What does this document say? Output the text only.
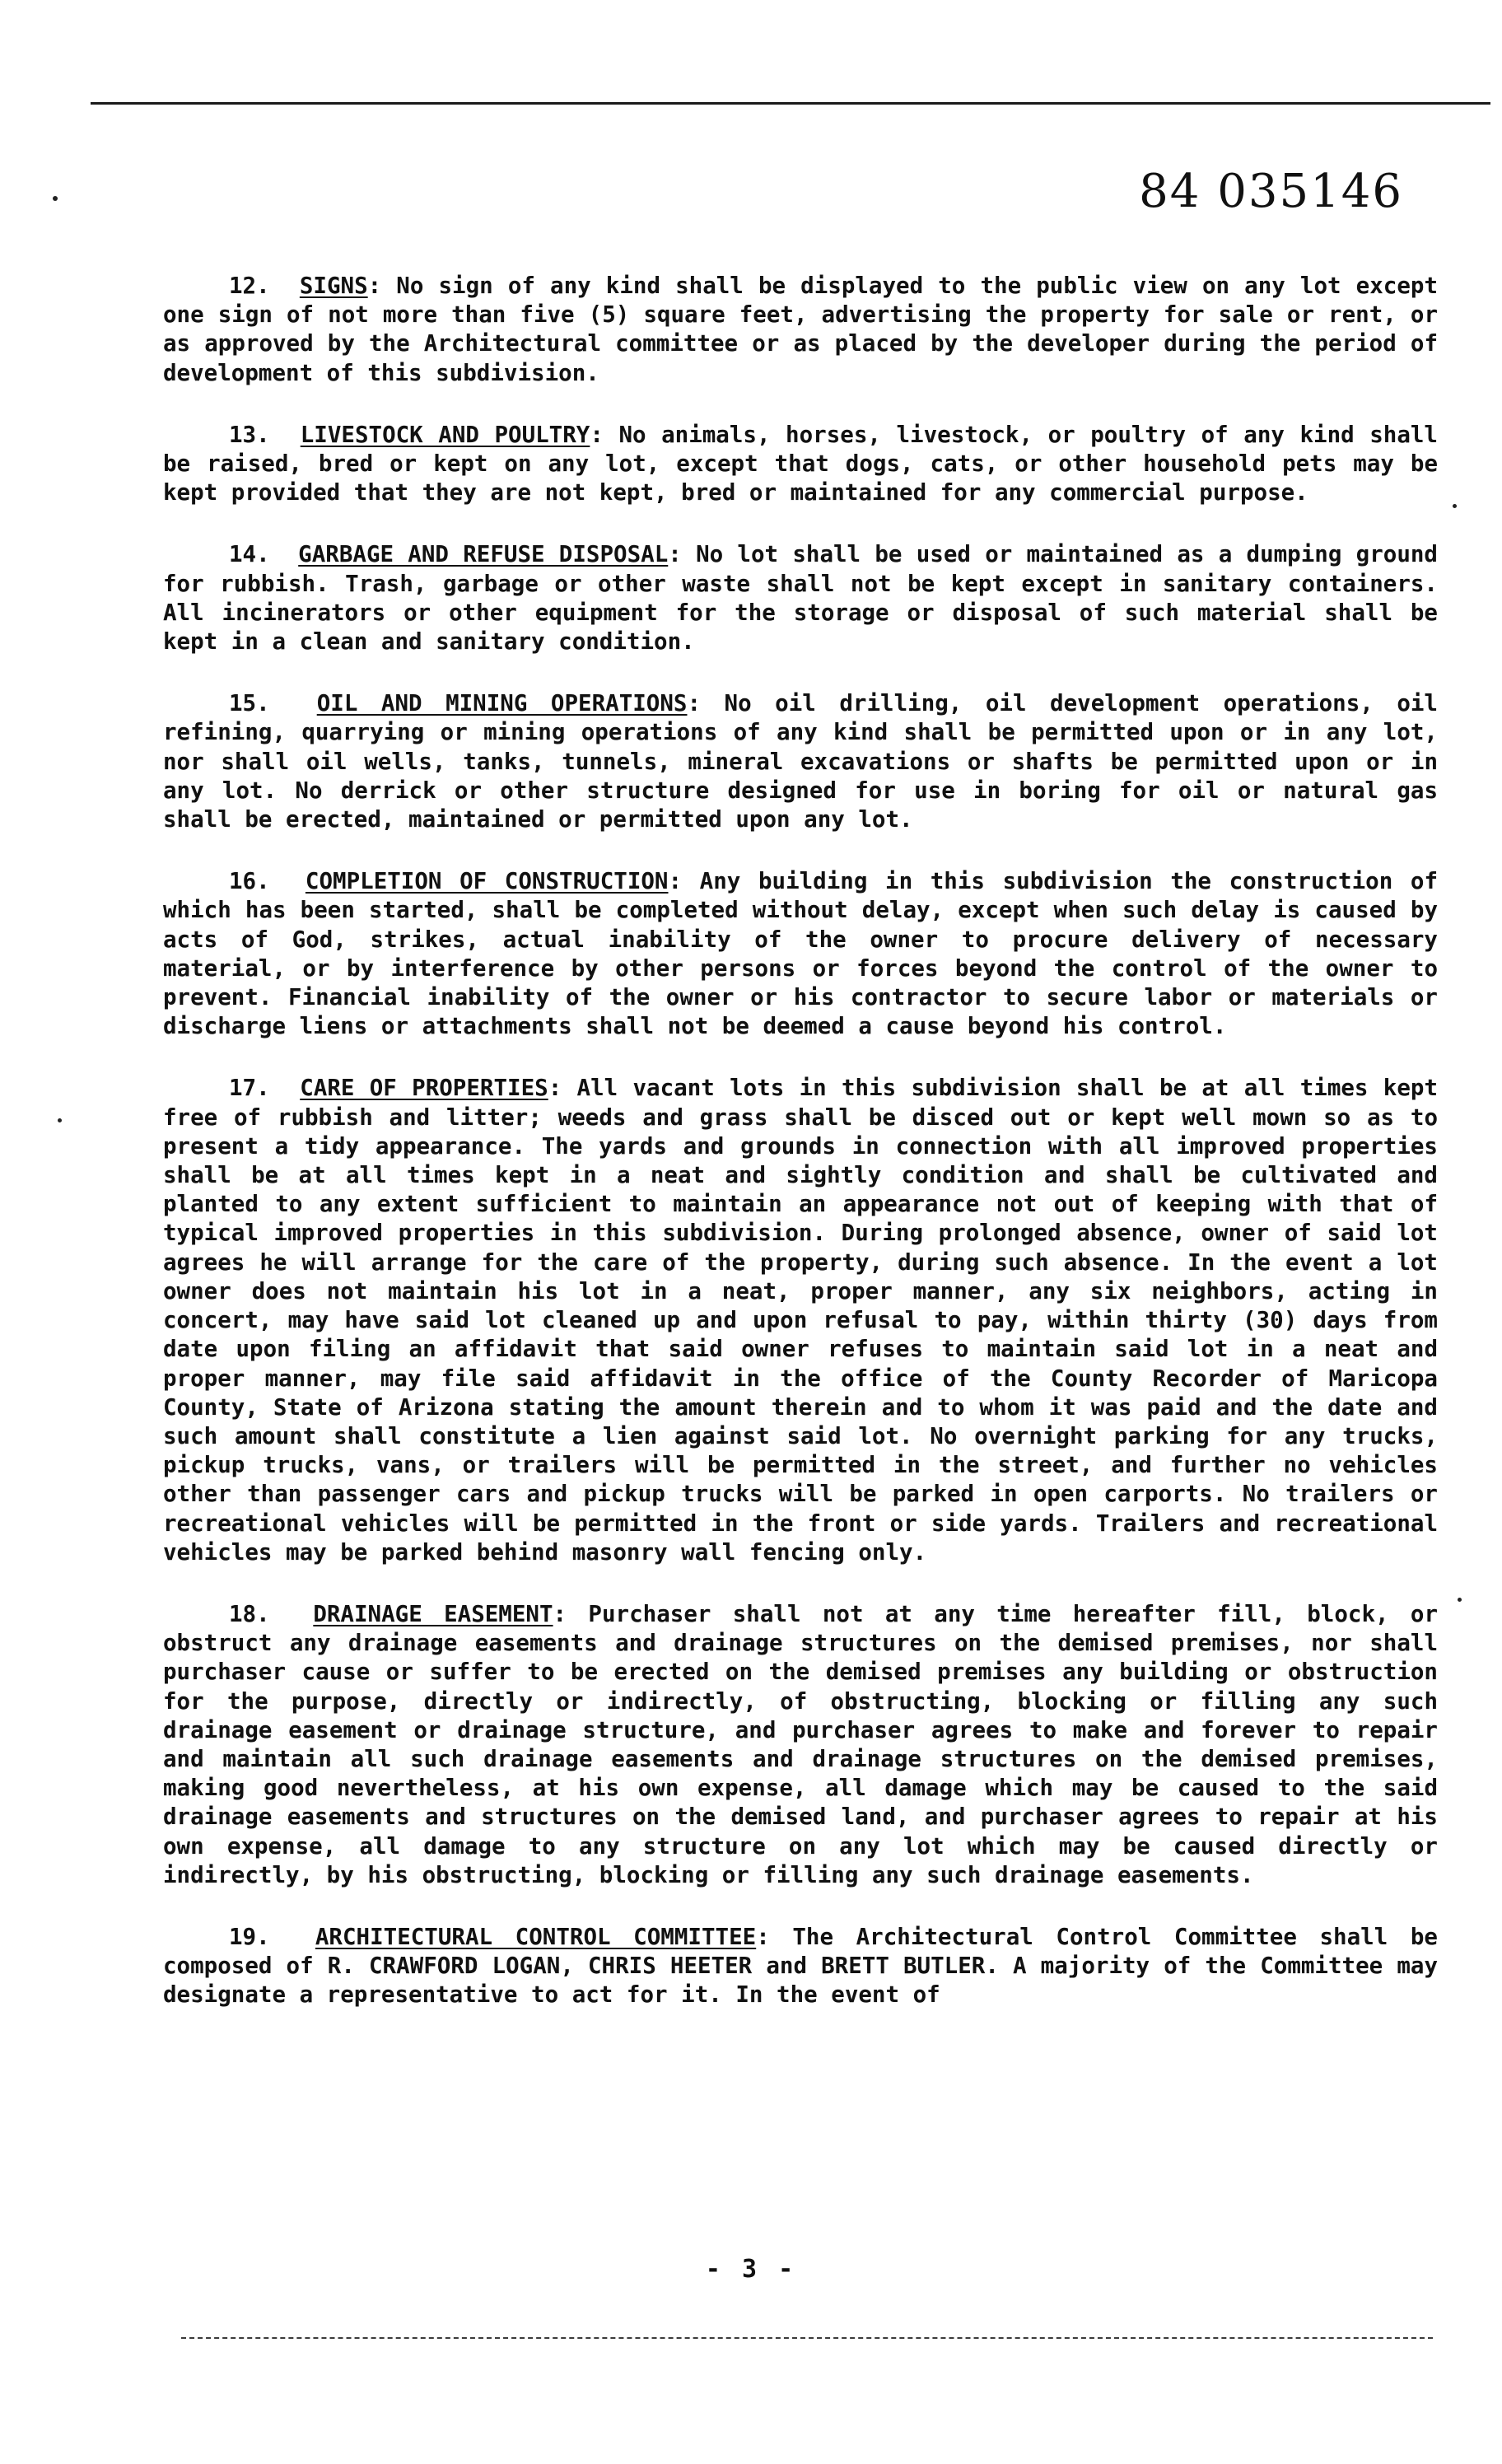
84 035146

12. SIGNS: No sign of any kind shall be displayed to the public view on any lot except one sign of not more than five (5) square feet, advertising the property for sale or rent, or as approved by the Architectural committee or as placed by the developer during the period of development of this subdivision.

13. LIVESTOCK AND POULTRY: No animals, horses, livestock, or poultry of any kind shall be raised, bred or kept on any lot, except that dogs, cats, or other household pets may be kept provided that they are not kept, bred or maintained for any commercial purpose.

14. GARBAGE AND REFUSE DISPOSAL: No lot shall be used or maintained as a dumping ground for rubbish. Trash, garbage or other waste shall not be kept except in sanitary containers. All incinerators or other equipment for the storage or disposal of such material shall be kept in a clean and sanitary condition.

15. OIL AND MINING OPERATIONS: No oil drilling, oil development operations, oil refining, quarrying or mining operations of any kind shall be permitted upon or in any lot, nor shall oil wells, tanks, tunnels, mineral excavations or shafts be permitted upon or in any lot. No derrick or other structure designed for use in boring for oil or natural gas shall be erected, maintained or permitted upon any lot.

16. COMPLETION OF CONSTRUCTION: Any building in this subdivision the construction of which has been started, shall be completed without delay, except when such delay is caused by acts of God, strikes, actual inability of the owner to procure delivery of necessary material, or by interference by other persons or forces beyond the control of the owner to prevent. Financial inability of the owner or his contractor to secure labor or materials or discharge liens or attachments shall not be deemed a cause beyond his control.

17. CARE OF PROPERTIES: All vacant lots in this subdivision shall be at all times kept free of rubbish and litter; weeds and grass shall be disced out or kept well mown so as to present a tidy appearance. The yards and grounds in connection with all improved properties shall be at all times kept in a neat and sightly condition and shall be cultivated and planted to any extent sufficient to maintain an appearance not out of keeping with that of typical improved properties in this subdivision. During prolonged absence, owner of said lot agrees he will arrange for the care of the property, during such absence. In the event a lot owner does not maintain his lot in a neat, proper manner, any six neighbors, acting in concert, may have said lot cleaned up and upon refusal to pay, within thirty (30) days from date upon filing an affidavit that said owner refuses to maintain said lot in a neat and proper manner, may file said affidavit in the office of the County Recorder of Maricopa County, State of Arizona stating the amount therein and to whom it was paid and the date and such amount shall constitute a lien against said lot. No overnight parking for any trucks, pickup trucks, vans, or trailers will be permitted in the street, and further no vehicles other than passenger cars and pickup trucks will be parked in open carports. No trailers or recreational vehicles will be permitted in the front or side yards. Trailers and recreational vehicles may be parked behind masonry wall fencing only.

18. DRAINAGE EASEMENT: Purchaser shall not at any time hereafter fill, block, or obstruct any drainage easements and drainage structures on the demised premises, nor shall purchaser cause or suffer to be erected on the demised premises any building or obstruction for the purpose, directly or indirectly, of obstructing, blocking or filling any such drainage easement or drainage structure, and purchaser agrees to make and forever to repair and maintain all such drainage easements and drainage structures on the demised premises, making good nevertheless, at his own expense, all damage which may be caused to the said drainage easements and structures on the demised land, and purchaser agrees to repair at his own expense, all damage to any structure on any lot which may be caused directly or indirectly, by his obstructing, blocking or filling any such drainage easements.

19. ARCHITECTURAL CONTROL COMMITTEE: The Architectural Control Committee shall be composed of R. CRAWFORD LOGAN, CHRIS HEETER and BRETT BUTLER. A majority of the Committee may designate a representative to act for it. In the event of

- 3 -
